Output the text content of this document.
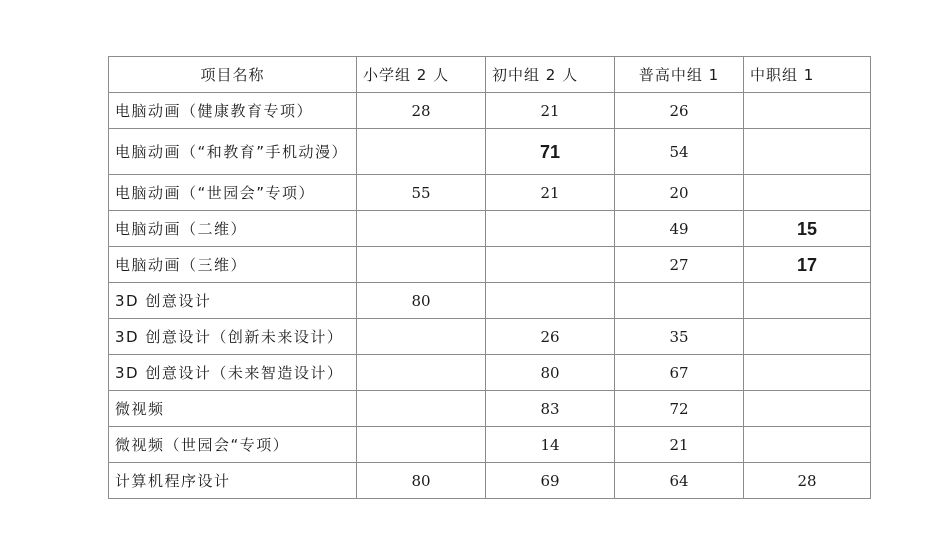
项目名称	小学组 2 人	初中组 2 人	普高中组 1	中职组 1
电脑动画（健康教育专项）	28	21	26	
电脑动画（“和教育”手机动漫）		71	54	
电脑动画（“世园会”专项）	55	21	20	
电脑动画（二维）			49	15
电脑动画（三维）			27	17
3D 创意设计	80			
3D 创意设计（创新未来设计）		26	35	
3D 创意设计（未来智造设计）		80	67	
微视频		83	72	
微视频（世园会“专项）		14	21	
计算机程序设计	80	69	64	28
